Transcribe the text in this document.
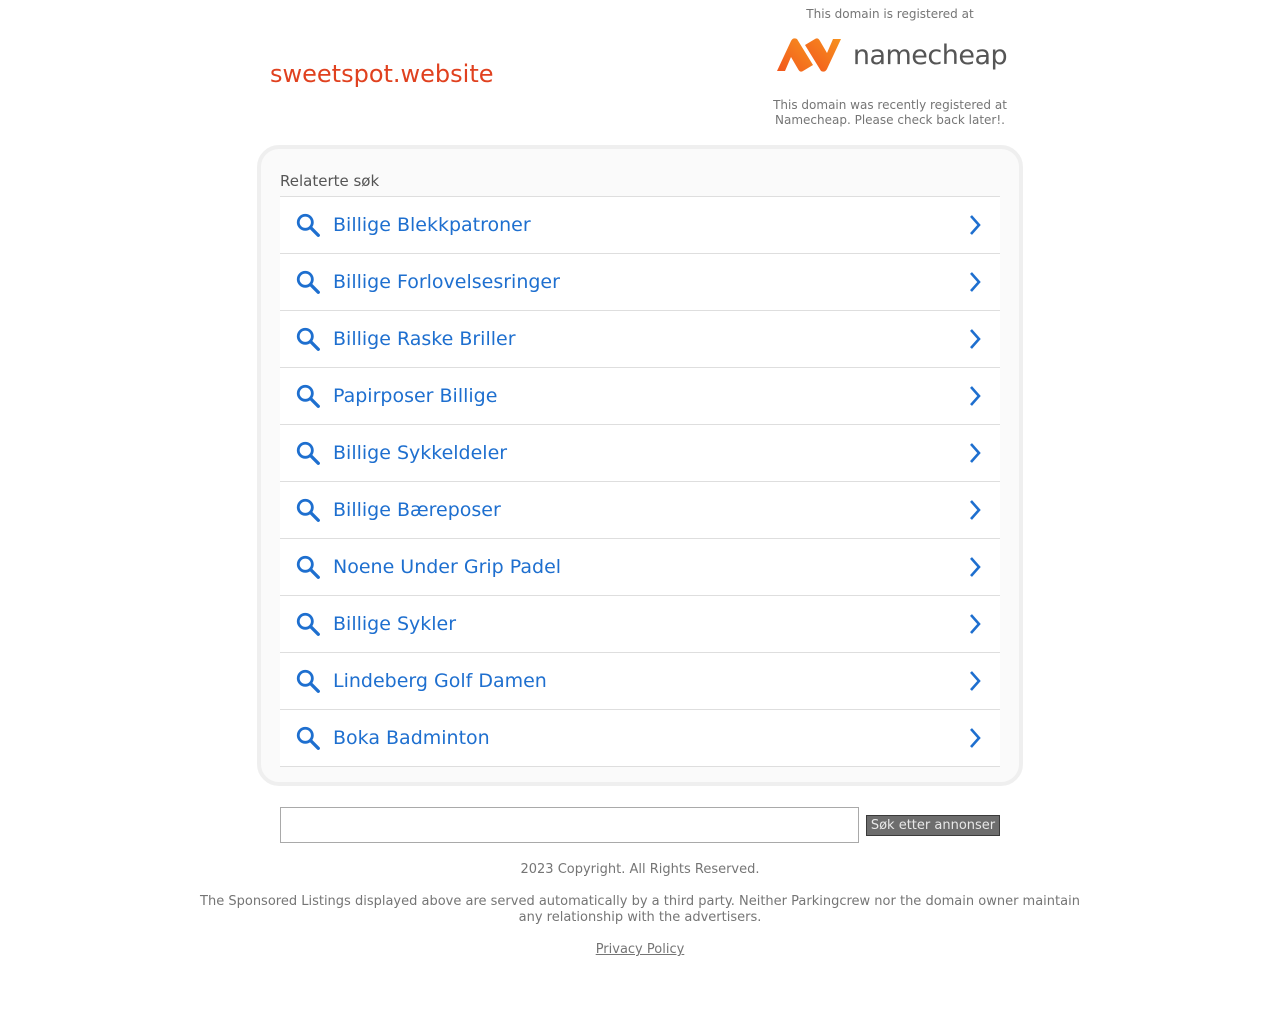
sweetspot.website
This domain is registered at
namecheap
This domain was recently registered at Namecheap. Please check back later!.
Relaterte søk
Billige Blekkpatroner
Billige Forlovelsesringer
Billige Raske Briller
Papirposer Billige
Billige Sykkeldeler
Billige Bæreposer
Noene Under Grip Padel
Billige Sykler
Lindeberg Golf Damen
Boka Badminton
Søk etter annonser
2023 Copyright. All Rights Reserved.
The Sponsored Listings displayed above are served automatically by a third party. Neither Parkingcrew nor the domain owner maintain any relationship with the advertisers.
Privacy Policy
